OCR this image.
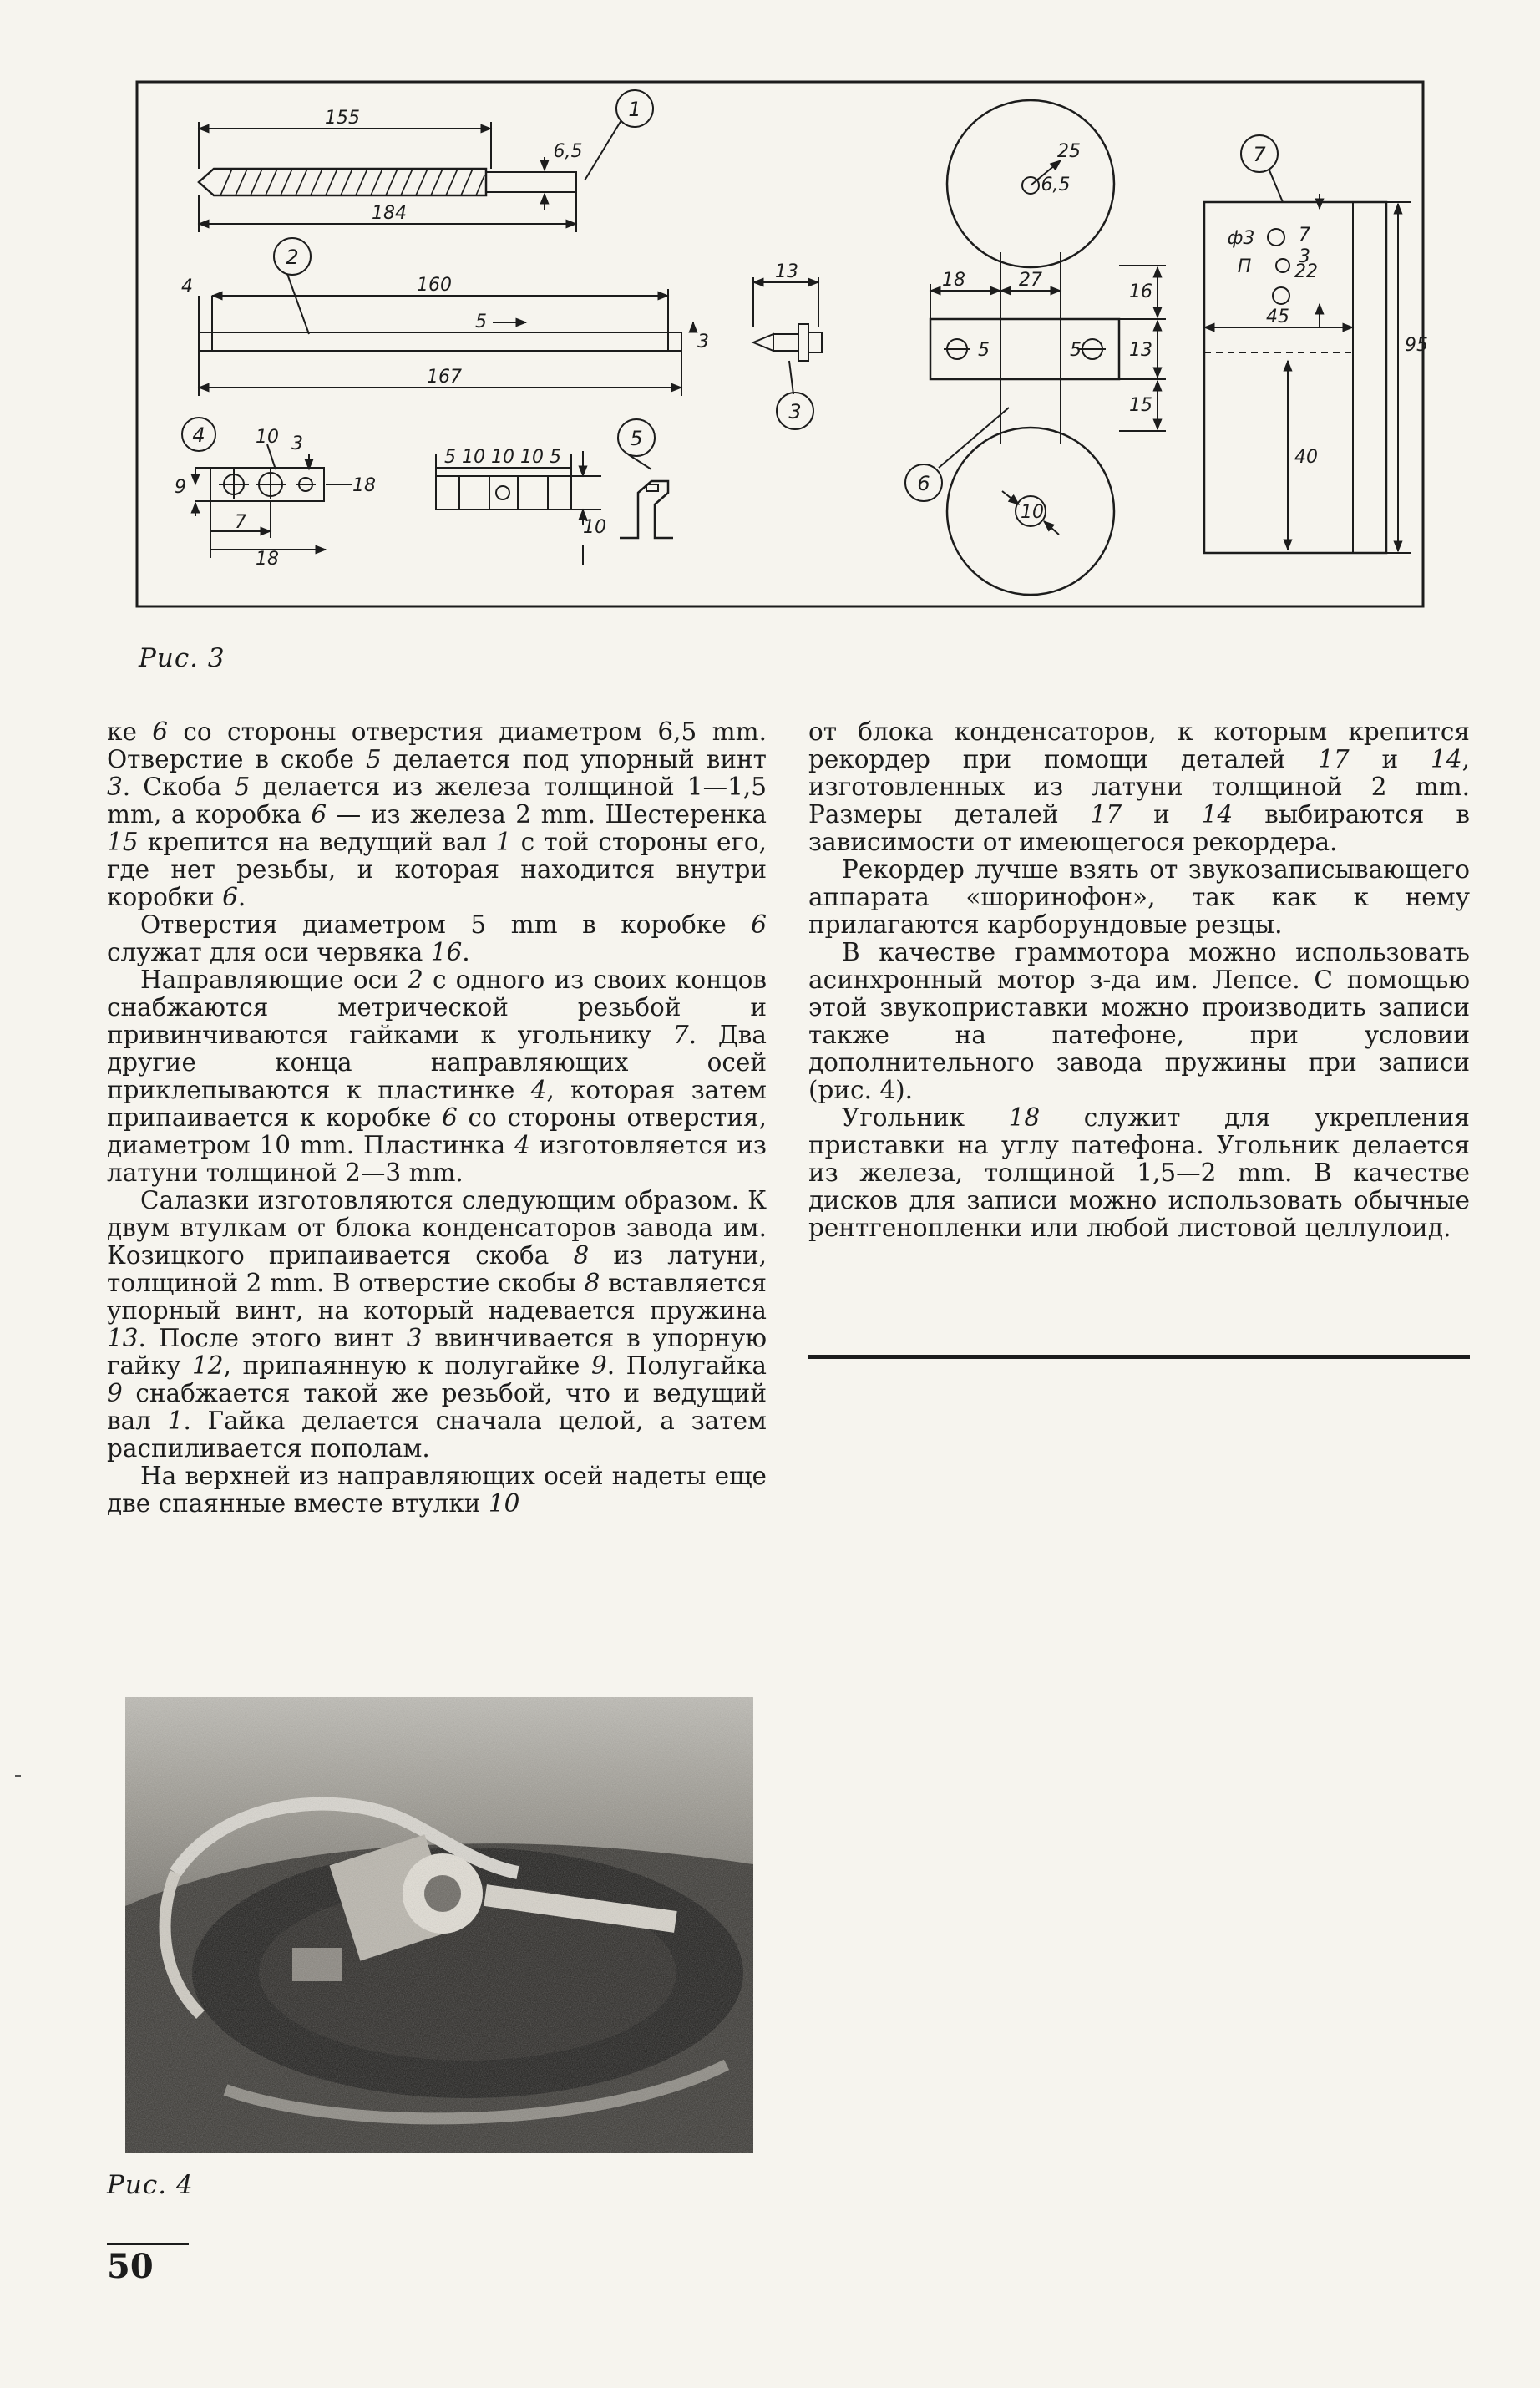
1
2
3
4	5
6
7
155
184
6,5
4	160
5
167
3
13
10 3
18
9
7
18
5 10 10 10 5
10
18	27
16
13
15
5	5
25
6,5
10
ф3 7
3
22
П
45
95
40
Рис. 3

ке 6 со стороны отверстия диаметром 6,5 mm. Отверстие в скобе 5 делается под упорный винт 3. Скоба 5 делается из железа толщиной 1—1,5 mm, а коробка 6 — из железа 2 mm. Шестеренка 15 крепится на ведущий вал 1 с той стороны его, где нет резьбы, и которая находится внутри коробки 6.

Отверстия диаметром 5 mm в коробке 6 служат для оси червяка 16.

Направляющие оси 2 с одного из своих концов снабжаются метрической резьбой и привинчиваются гайками к угольнику 7. Два другие конца направляющих осей приклепываются к пластинке 4, которая затем припаивается к коробке 6 со стороны отверстия, диаметром 10 mm. Пластинка 4 изготовляется из латуни толщиной 2—3 mm.

Салазки изготовляются следующим образом. К двум втулкам от блока конденсаторов завода им. Козицкого припаивается скоба 8 из латуни, толщиной 2 mm. В отверстие скобы 8 вставляется упорный винт, на который надевается пружина 13. После этого винт 3 ввинчивается в упорную гайку 12, припаянную к полугайке 9. Полугайка 9 снабжается такой же резьбой, что и ведущий вал 1. Гайка делается сначала целой, а затем распиливается пополам.

На верхней из направляющих осей надеты еще две спаянные вместе втулки 10

от блока конденсаторов, к которым крепится рекордер при помощи деталей 17 и 14, изготовленных из латуни толщиной 2 mm. Размеры деталей 17 и 14 выбираются в зависимости от имеющегося рекордера.

Рекордер лучше взять от звукозаписывающего аппарата «шоринофон», так как к нему прилагаются карборундовые резцы.

В качестве граммотора можно использовать асинхронный мотор з-да им. Лепсе. С помощью этой звукоприставки можно производить записи также на патефоне, при условии дополнительного завода пружины при записи (рис. 4).

Угольник 18 служит для укрепления приставки на углу патефона. Угольник делается из железа, толщиной 1,5—2 mm. В качестве дисков для записи можно использовать обычные рентгенопленки или любой листовой целлулоид.

Рис. 4
50
